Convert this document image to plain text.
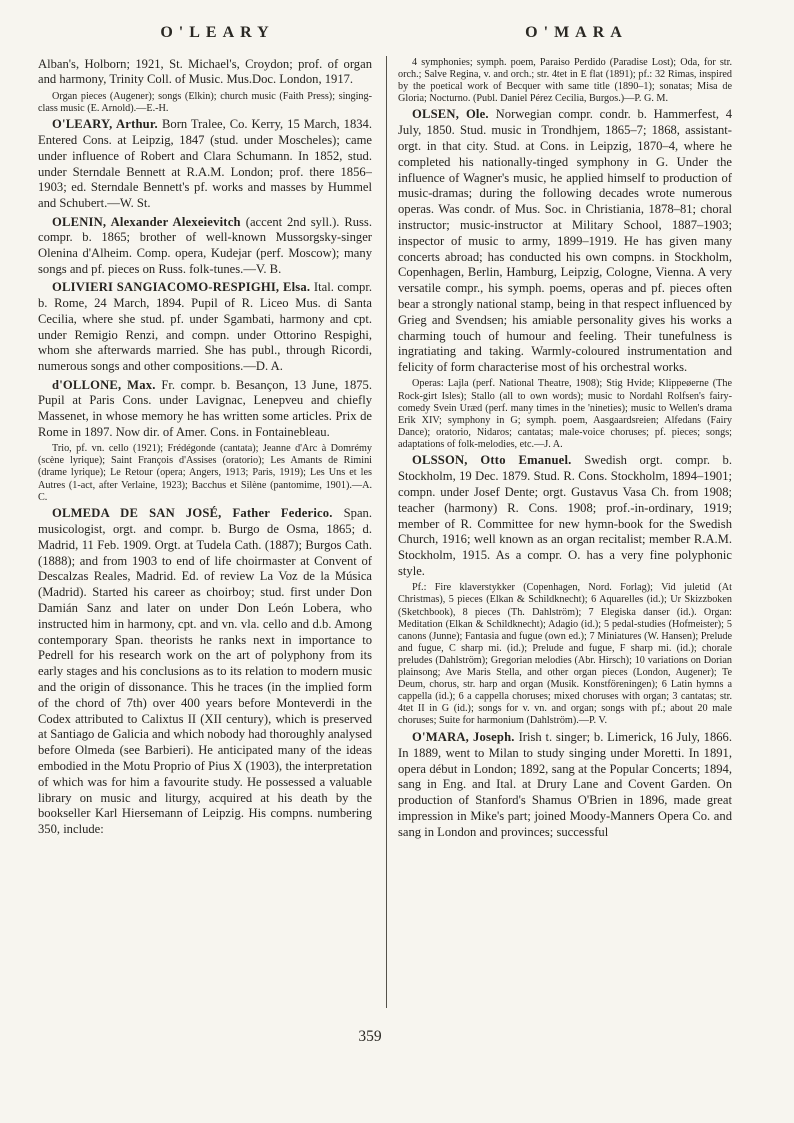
O'LEARY	O'MARA

Alban's, Holborn; 1921, St. Michael's, Croydon; prof. of organ and harmony, Trinity Coll. of Music. Mus.Doc. London, 1917.

Organ pieces (Augener); songs (Elkin); church music (Faith Press); singing-class music (E. Arnold).—E.-H.

O'LEARY, Arthur. Born Tralee, Co. Kerry, 15 March, 1834. Entered Cons. at Leipzig, 1847 (stud. under Moscheles); came under influence of Robert and Clara Schumann. In 1852, stud. under Sterndale Bennett at R.A.M. London; prof. there 1856–1903; ed. Sterndale Bennett's pf. works and masses by Hummel and Schubert.—W. St.

OLENIN, Alexander Alexeievitch (accent 2nd syll.). Russ. compr. b. 1865; brother of well-known Mussorgsky-singer Olenina d'Alheim. Comp. opera, Kudejar (perf. Moscow); many songs and pf. pieces on Russ. folk-tunes.—V. B.

OLIVIERI SANGIACOMO-RESPIGHI, Elsa. Ital. compr. b. Rome, 24 March, 1894. Pupil of R. Liceo Mus. di Santa Cecilia, where she stud. pf. under Sgambati, harmony and cpt. under Remigio Renzi, and compn. under Ottorino Respighi, whom she afterwards married. She has publ., through Ricordi, numerous songs and other compositions.—D. A.

d'OLLONE, Max. Fr. compr. b. Besançon, 13 June, 1875. Pupil at Paris Cons. under Lavignac, Lenepveu and chiefly Massenet, in whose memory he has written some articles. Prix de Rome in 1897. Now dir. of Amer. Cons. in Fontainebleau.

Trio, pf. vn. cello (1921); Frédégonde (cantata); Jeanne d'Arc à Domrémy (scène lyrique); Saint François d'Assises (oratorio); Les Amants de Rimini (drame lyrique); Le Retour (opera; Angers, 1913; Paris, 1919); Les Uns et les Autres (1-act, after Verlaine, 1923); Bacchus et Silène (pantomime, 1901).—A. C.

OLMEDA DE SAN JOSÉ, Father Federico. Span. musicologist, orgt. and compr. b. Burgo de Osma, 1865; d. Madrid, 11 Feb. 1909. Orgt. at Tudela Cath. (1887); Burgos Cath. (1888); and from 1903 to end of life choirmaster at Convent of Descalzas Reales, Madrid. Ed. of review La Voz de la Música (Madrid). Started his career as choirboy; stud. first under Don Damián Sanz and later on under Don León Lobera, who instructed him in harmony, cpt. and vn. vla. cello and d.b. Among contemporary Span. theorists he ranks next in importance to Pedrell for his research work on the art of polyphony from its early stages and his conclusions as to its relation to modern music and the origin of dissonance. This he traces (in the implied form of the chord of 7th) over 400 years before Monteverdi in the Codex attributed to Calixtus II (XII century), which is preserved at Santiago de Galicia and which nobody had thoroughly analysed before Olmeda (see Barbieri). He anticipated many of the ideas embodied in the Motu Proprio of Pius X (1903), the interpretation of which was for him a favourite study. He possessed a valuable library on music and liturgy, acquired at his death by the bookseller Karl Hiersemann of Leipzig. His compns. numbering 350, include:

4 symphonies; symph. poem, Paraiso Perdido (Paradise Lost); Oda, for str. orch.; Salve Regina, v. and orch.; str. 4tet in E flat (1891); pf.: 32 Rimas, inspired by the poetical work of Becquer with same title (1890–1); sonatas; Misa de Gloria; Nocturno. (Publ. Daniel Pérez Cecilia, Burgos.)—P. G. M.

OLSEN, Ole. Norwegian compr. condr. b. Hammerfest, 4 July, 1850. Stud. music in Trondhjem, 1865–7; 1868, assistant-orgt. in that city. Stud. at Cons. in Leipzig, 1870–4, where he completed his nationally-tinged symphony in G. Under the influence of Wagner's music, he applied himself to production of music-dramas; during the following decades wrote numerous operas. Was condr. of Mus. Soc. in Christiania, 1878–81; choral instructor; music-instructor at Military School, 1887–1903; inspector of music to army, 1899–1919. He has given many concerts abroad; has conducted his own compns. in Stockholm, Copenhagen, Berlin, Hamburg, Leipzig, Cologne, Vienna. A very versatile compr., his symph. poems, operas and pf. pieces often bear a strongly national stamp, being in that respect influenced by Grieg and Svendsen; his amiable personality gives his works a charming touch of humour and feeling. Their tunefulness is ingratiating and taking. Warmly-coloured instrumentation and felicity of form characterise most of his orchestral works.

Operas: Lajla (perf. National Theatre, 1908); Stig Hvide; Klippeøerne (The Rock-girt Isles); Stallo (all to own words); music to Nordahl Rolfsen's fairy-comedy Svein Uræd (perf. many times in the 'nineties); music to Wellen's drama Erik XIV; symphony in G; symph. poem, Aasgaardsreien; Alfedans (Fairy Dance); oratorio, Nidaros; cantatas; male-voice choruses; pf. pieces; songs; adaptations of folk-melodies, etc.—J. A.

OLSSON, Otto Emanuel. Swedish orgt. compr. b. Stockholm, 19 Dec. 1879. Stud. R. Cons. Stockholm, 1894–1901; compn. under Josef Dente; orgt. Gustavus Vasa Ch. from 1908; teacher (harmony) R. Cons. 1908; prof.-in-ordinary, 1919; member of R. Committee for new hymn-book for the Swedish Church, 1916; well known as an organ recitalist; member R.A.M. Stockholm, 1915. As a compr. O. has a very fine polyphonic style.

Pf.: Fire klaverstykker (Copenhagen, Nord. Forlag); Vid juletid (At Christmas), 5 pieces (Elkan & Schildknecht); 6 Aquarelles (id.); Ur Skizzboken (Sketchbook), 8 pieces (Th. Dahlström); 7 Elegiska danser (id.). Organ: Meditation (Elkan & Schildknecht); Adagio (id.); 5 pedal-studies (Hofmeister); 5 canons (Junne); Fantasia and fugue (own ed.); 7 Miniatures (W. Hansen); Prelude and fugue, C sharp mi. (id.); Prelude and fugue, F sharp mi. (id.); chorale preludes (Dahlström); Gregorian melodies (Abr. Hirsch); 10 variations on Dorian plainsong; Ave Maris Stella, and other organ pieces (London, Augener); Te Deum, chorus, str. harp and organ (Musik. Konstföreningen); 6 Latin hymns a cappella (id.); 6 a cappella choruses; mixed choruses with organ; 3 cantatas; str. 4tet II in G (id.); songs for v. vn. and organ; songs with pf.; about 20 male choruses; Suite for harmonium (Dahlström).—P. V.

O'MARA, Joseph. Irish t. singer; b. Limerick, 16 July, 1866. In 1889, went to Milan to study singing under Moretti. In 1891, opera début in London; 1892, sang at the Popular Concerts; 1894, sang in Eng. and Ital. at Drury Lane and Covent Garden. On production of Stanford's Shamus O'Brien in 1896, made great impression in Mike's part; joined Moody-Manners Opera Co. and sang in London and provinces; successful

359
